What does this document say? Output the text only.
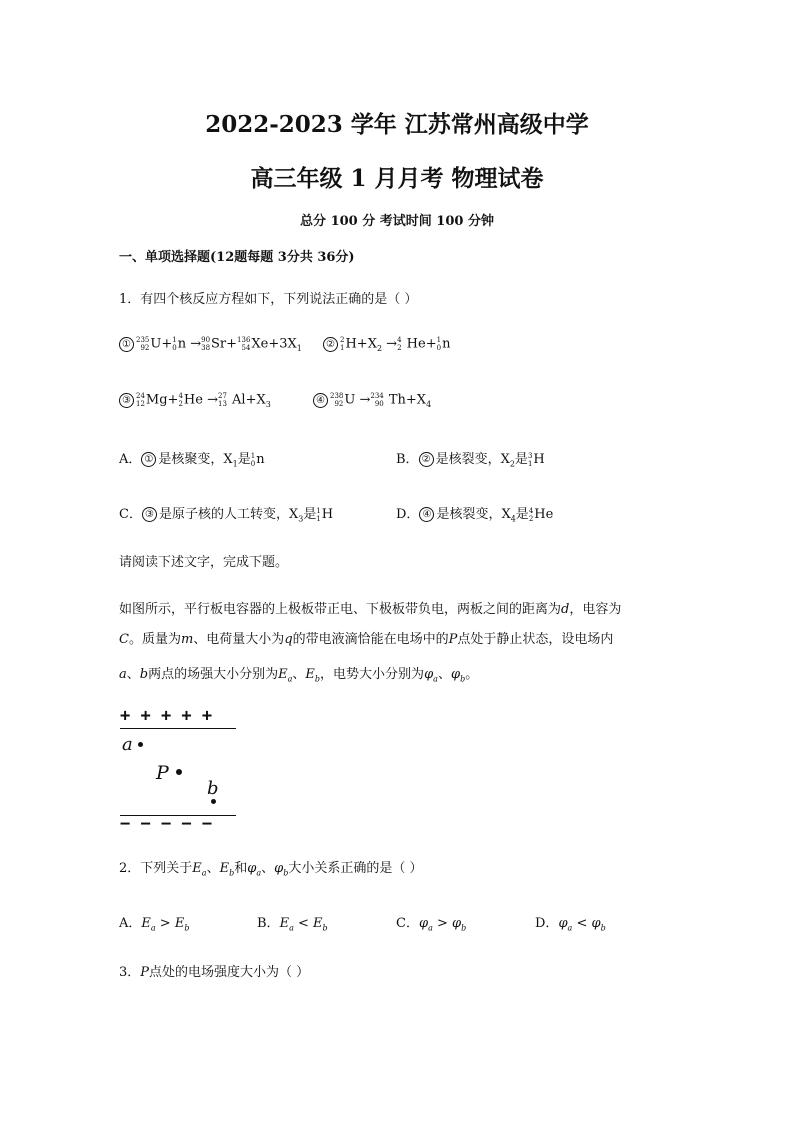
2022-2023 学年 江苏常州高级中学
高三年级 1 月月考 物理试卷
总分 100 分 考试时间 100 分钟
一、单项选择题(12题每题 3分共 36分)
1．有四个核反应方程如下，下列说法正确的是（ ）
① 235
92 U+ 1
0 n → 90
38 Sr+ 136
54 $Xe+3X_1$	② 2
1 $H+X_2 \to 4$
2 He+ 1
0 n
③ 24
12 Mg+ 4
2 He → 27
13 $Al+X_3$	④ 238
92 U → 234
90 $Th+X_4$
A． ① 是核聚变，$X_1$是 1
0 n	B． ② 是核裂变，$X_2$是 3
1 H
C． ③ 是原子核的人工转变，$X_3$是 1
1 H	D． ④ 是核裂变，$X_4$是 4
2 He
请阅读下述文字，完成下题。
如图所示，平行板电容器的上极板带正电、下极板带负电，两板之间的距离为d，电容为
C。质量为m、电荷量大小为q的带电液滴恰能在电场中的P点处于静止状态，设电场内
a、b两点的场强大小分别为$E_a$、$E_b$，电势大小分别为$\varphi_a$、$\varphi_b$。
+ + + + +
a
P
b
− − − − −
2．下列关于$E_a$、$E_b$和$\varphi_a$、$\varphi_b$大小关系正确的是（ ）
A．$E_a > E_b$	B．$E_a < E_b$	C．$\varphi_a > \varphi_b$	D．$\varphi_a < \varphi_b$
3．P点处的电场强度大小为（ ）
